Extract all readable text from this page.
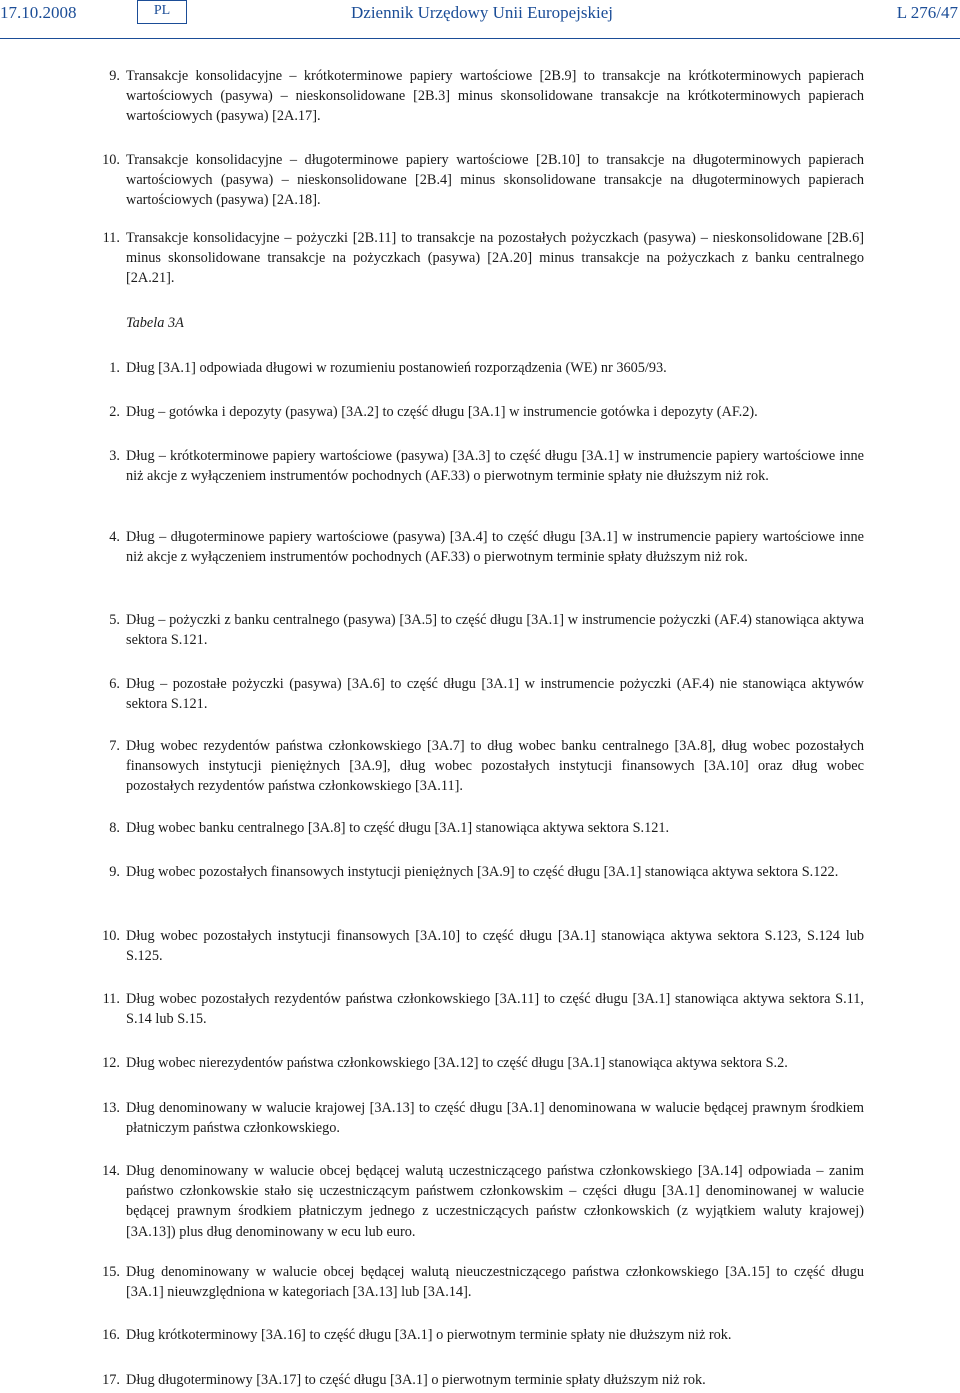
17.10.2008	PL	Dziennik Urzędowy Unii Europejskiej	L 276/47
9. Transakcje konsolidacyjne – krótkoterminowe papiery wartościowe [2B.9] to transakcje na krótkoterminowych papierach wartościowych (pasywa) – nieskonsolidowane [2B.3] minus skonsolidowane transakcje na krótkoterminowych papierach wartościowych (pasywa) [2A.17].
10. Transakcje konsolidacyjne – długoterminowe papiery wartościowe [2B.10] to transakcje na długoterminowych papierach wartościowych (pasywa) – nieskonsolidowane [2B.4] minus skonsolidowane transakcje na długoterminowych papierach wartościowych (pasywa) [2A.18].
11. Transakcje konsolidacyjne – pożyczki [2B.11] to transakcje na pozostałych pożyczkach (pasywa) – nieskonsolidowane [2B.6] minus skonsolidowane transakcje na pożyczkach (pasywa) [2A.20] minus transakcje na pożyczkach z banku centralnego [2A.21].
Tabela 3A
1. Dług [3A.1] odpowiada długowi w rozumieniu postanowień rozporządzenia (WE) nr 3605/93.
2. Dług – gotówka i depozyty (pasywa) [3A.2] to część długu [3A.1] w instrumencie gotówka i depozyty (AF.2).
3. Dług – krótkoterminowe papiery wartościowe (pasywa) [3A.3] to część długu [3A.1] w instrumencie papiery wartościowe inne niż akcje z wyłączeniem instrumentów pochodnych (AF.33) o pierwotnym terminie spłaty nie dłuższym niż rok.
4. Dług – długoterminowe papiery wartościowe (pasywa) [3A.4] to część długu [3A.1] w instrumencie papiery wartościowe inne niż akcje z wyłączeniem instrumentów pochodnych (AF.33) o pierwotnym terminie spłaty dłuższym niż rok.
5. Dług – pożyczki z banku centralnego (pasywa) [3A.5] to część długu [3A.1] w instrumencie pożyczki (AF.4) stanowiąca aktywa sektora S.121.
6. Dług – pozostałe pożyczki (pasywa) [3A.6] to część długu [3A.1] w instrumencie pożyczki (AF.4) nie stanowiąca aktywów sektora S.121.
7. Dług wobec rezydentów państwa członkowskiego [3A.7] to dług wobec banku centralnego [3A.8], dług wobec pozostałych finansowych instytucji pieniężnych [3A.9], dług wobec pozostałych instytucji finansowych [3A.10] oraz dług wobec pozostałych rezydentów państwa członkowskiego [3A.11].
8. Dług wobec banku centralnego [3A.8] to część długu [3A.1] stanowiąca aktywa sektora S.121.
9. Dług wobec pozostałych finansowych instytucji pieniężnych [3A.9] to część długu [3A.1] stanowiąca aktywa sektora S.122.
10. Dług wobec pozostałych instytucji finansowych [3A.10] to część długu [3A.1] stanowiąca aktywa sektora S.123, S.124 lub S.125.
11. Dług wobec pozostałych rezydentów państwa członkowskiego [3A.11] to część długu [3A.1] stanowiąca aktywa sektora S.11, S.14 lub S.15.
12. Dług wobec nierezydentów państwa członkowskiego [3A.12] to część długu [3A.1] stanowiąca aktywa sektora S.2.
13. Dług denominowany w walucie krajowej [3A.13] to część długu [3A.1] denominowana w walucie będącej prawnym środkiem płatniczym państwa członkowskiego.
14. Dług denominowany w walucie obcej będącej walutą uczestniczącego państwa członkowskiego [3A.14] odpowiada – zanim państwo członkowskie stało się uczestniczącym państwem członkowskim – części długu [3A.1] denominowanej w walucie będącej prawnym środkiem płatniczym jednego z uczestniczących państw członkowskich (z wyjątkiem waluty krajowej) [3A.13]) plus dług denominowany w ecu lub euro.
15. Dług denominowany w walucie obcej będącej walutą nieuczestniczącego państwa członkowskiego [3A.15] to część długu [3A.1] nieuwzględniona w kategoriach [3A.13] lub [3A.14].
16. Dług krótkoterminowy [3A.16] to część długu [3A.1] o pierwotnym terminie spłaty nie dłuższym niż rok.
17. Dług długoterminowy [3A.17] to część długu [3A.1] o pierwotnym terminie spłaty dłuższym niż rok.
